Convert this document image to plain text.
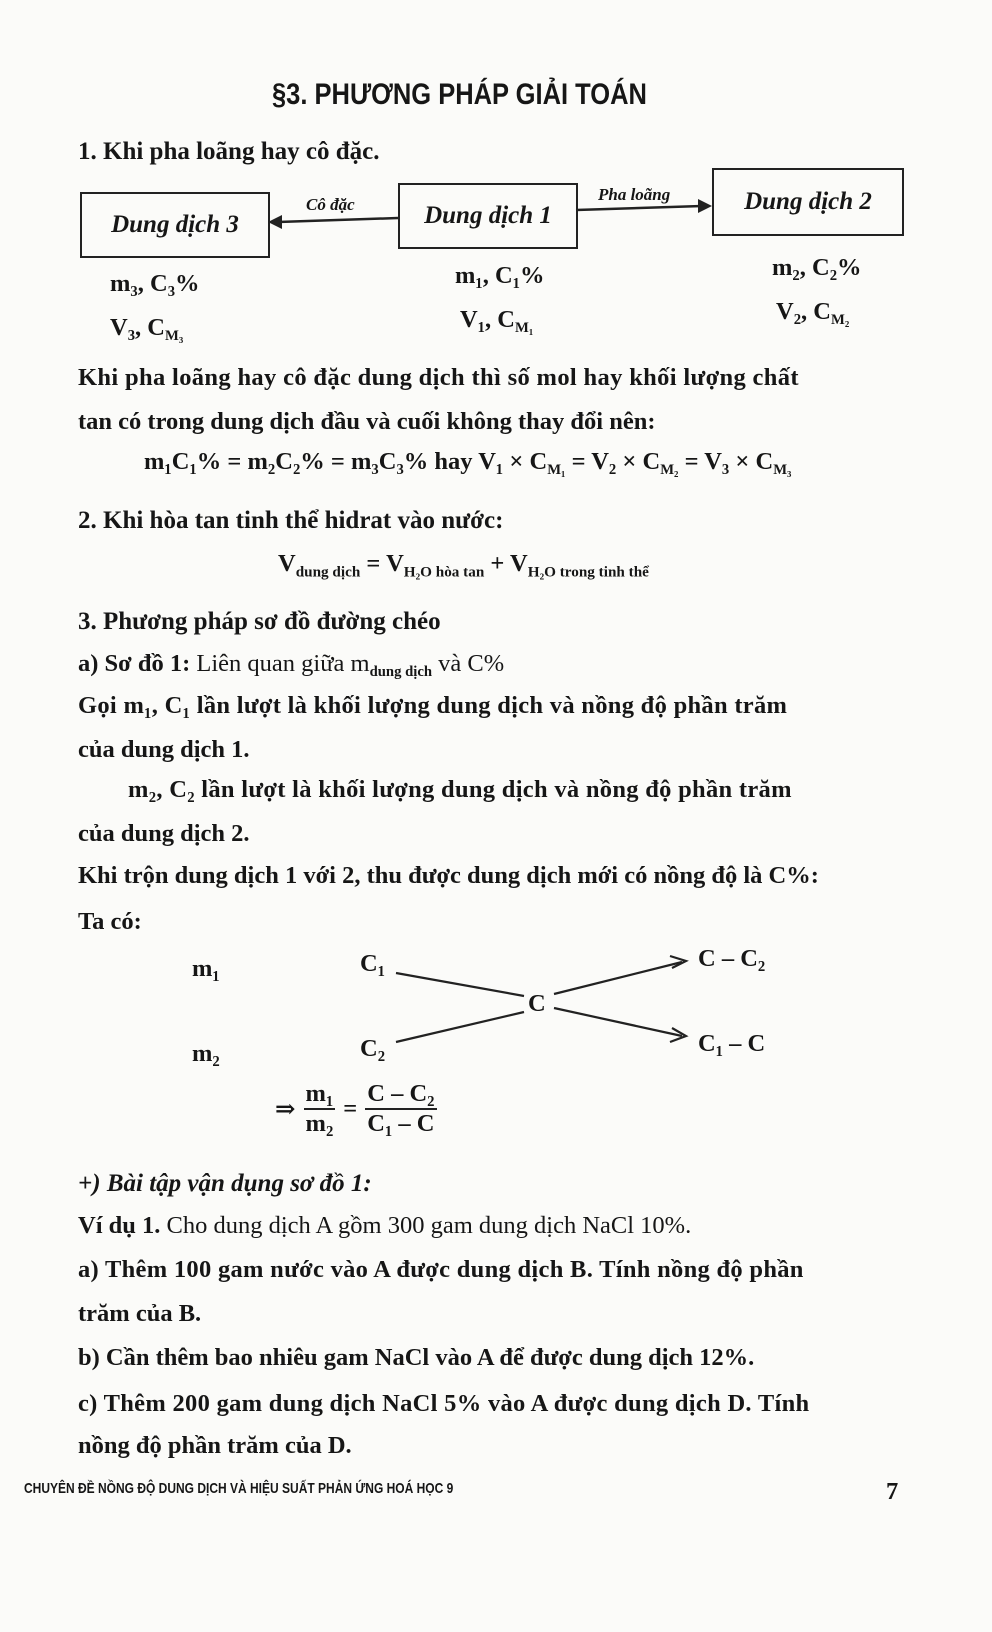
§3. PHƯƠNG PHÁP GIẢI TOÁN
1. Khi pha loãng hay cô đặc.
Dung dịch 3	Dung dịch 1
Dung dịch 2
Cô đặc
Pha loãng
m₃, C₃%
V₃, $C_{M_3}$
m₁, C₁%
V₁, $C_{M_1}$
m₂, C₂%
V₂, $C_{M_2}$
Khi pha loãng hay cô đặc dung dịch thì số mol hay khối lượng chất
tan có trong dung dịch đầu và cuối không thay đổi nên:
m₁C₁% = m₂C₂% = m₃C₃% hay $V_1 \times C_{M_1} = V_2 \times C_{M_2} = V_3 \times C_{M_3}$
2. Khi hòa tan tinh thể hidrat vào nước:
$V_{dung dịch} = V_{H_2O hòa tan} + V_{H_2O trong tinh thể}$
3. Phương pháp sơ đồ đường chéo
a) Sơ đồ 1: Liên quan giữa $m_{dung dịch}$ và C%
Gọi m₁, C₁ lần lượt là khối lượng dung dịch và nồng độ phần trăm
của dung dịch 1.
m₂, C₂ lần lượt là khối lượng dung dịch và nồng độ phần trăm
của dung dịch 2.
Khi trộn dung dịch 1 với 2, thu được dung dịch mới có nồng độ là C%:
Ta có:
m₁
m₂
C₁
C₂
C
C – C₂
C₁ – C
⇒ $\frac{\text{m₁}}{\text{m₂}} = \frac{\text{C – C₂}}{\text{C₁ – C}}$
+) Bài tập vận dụng sơ đồ 1:
Ví dụ 1. Cho dung dịch A gồm 300 gam dung dịch NaCl 10%.
a) Thêm 100 gam nước vào A được dung dịch B. Tính nồng độ phần
trăm của B.
b) Cần thêm bao nhiêu gam NaCl vào A để được dung dịch 12%.
c) Thêm 200 gam dung dịch NaCl 5% vào A được dung dịch D. Tính
nồng độ phần trăm của D.
CHUYÊN ĐỀ NỒNG ĐỘ DUNG DỊCH VÀ HIỆU SUẤT PHẢN ỨNG HOÁ HỌC 9	7
